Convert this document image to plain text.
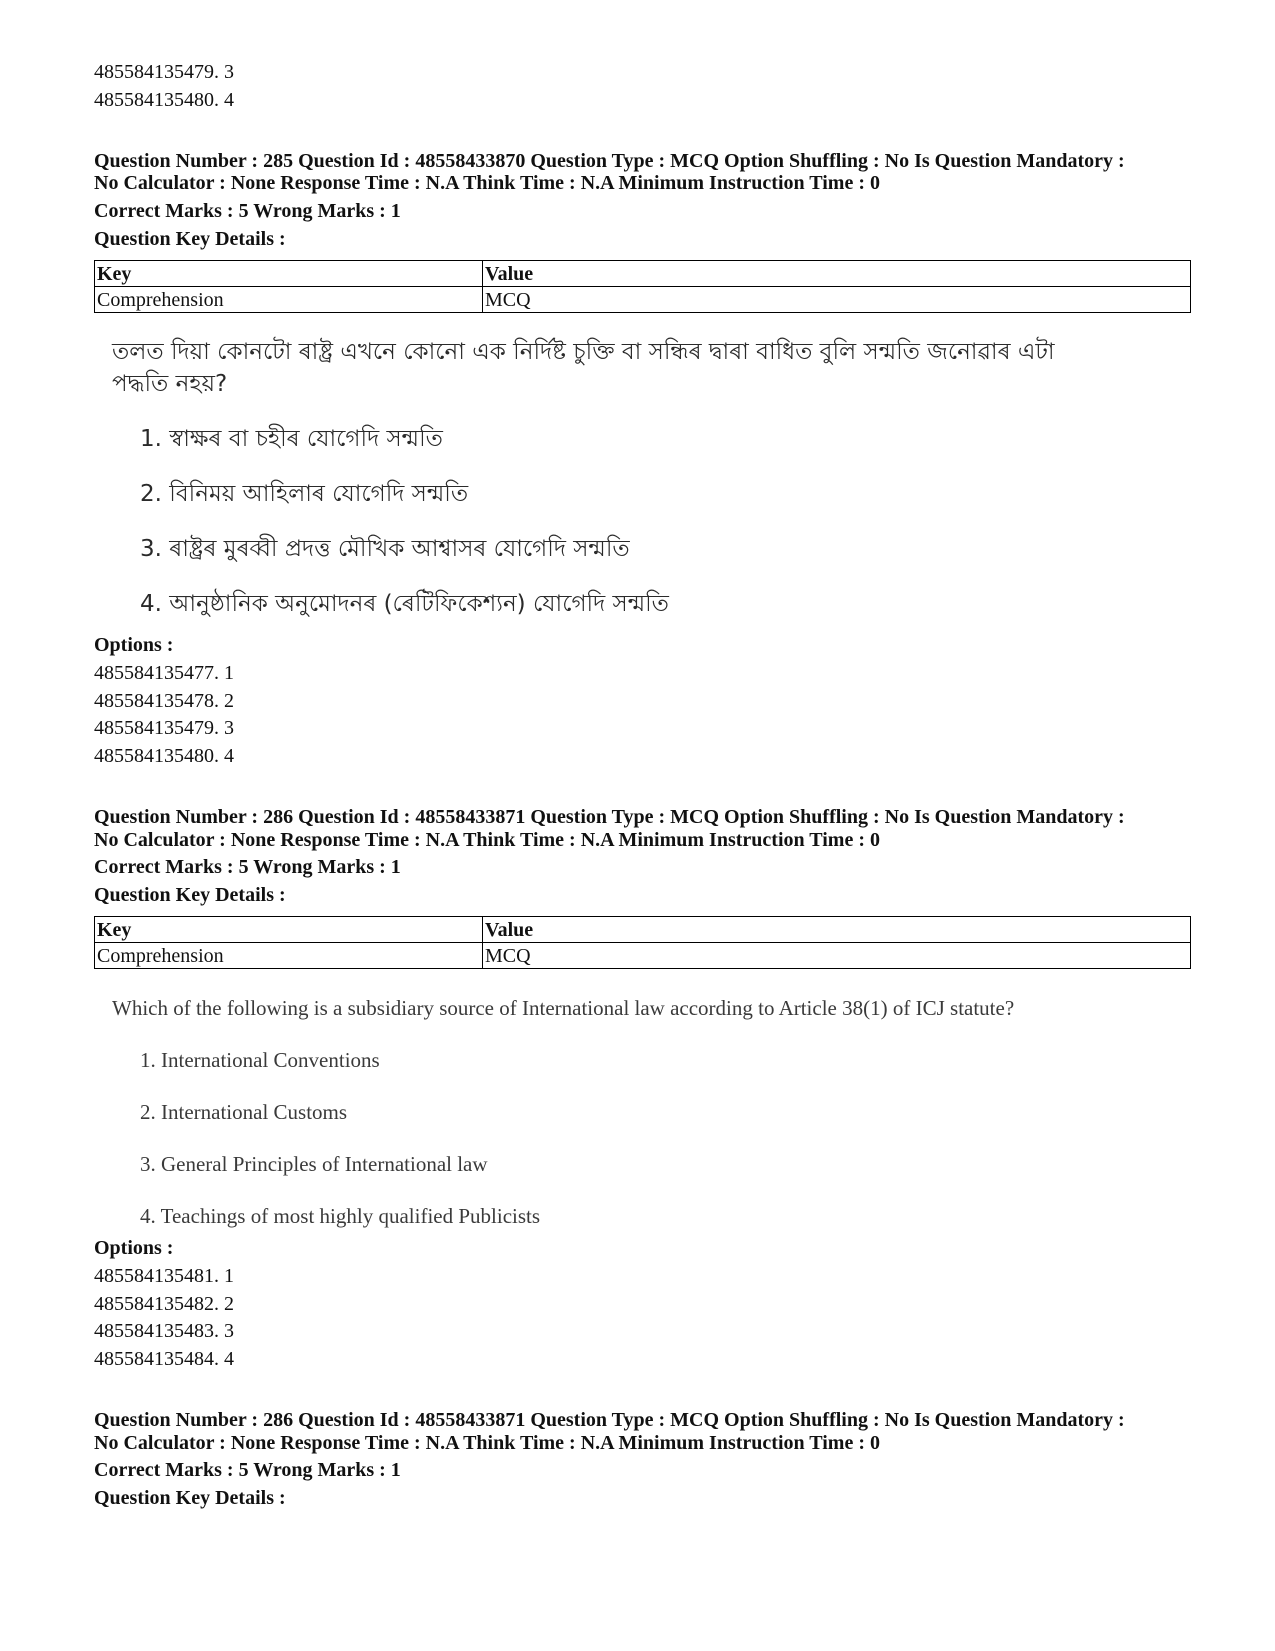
485584135479. 3
485584135480. 4
Question Number : 285 Question Id : 48558433870 Question Type : MCQ Option Shuffling : No Is Question Mandatory :
No Calculator : None Response Time : N.A Think Time : N.A Minimum Instruction Time : 0
Correct Marks : 5 Wrong Marks : 1
Question Key Details :
Key	Value
Comprehension	MCQ
তলত দিয়া কোনটো ৰাষ্ট্ৰ এখনে কোনো এক নিৰ্দিষ্ট চুক্তি বা সন্ধিৰ দ্বাৰা বাধিত বুলি সন্মতি জনোৱাৰ এটা
পদ্ধতি নহয়?
1. স্বাক্ষৰ বা চহীৰ যোগেদি সন্মতি
2. বিনিময় আহিলাৰ যোগেদি সন্মতি
3. ৰাষ্ট্ৰৰ মুৰব্বী প্ৰদত্ত মৌখিক আশ্বাসৰ যোগেদি সন্মতি
4. আনুষ্ঠানিক অনুমোদনৰ (ৰেটিফিকেশ্যন) যোগেদি সন্মতি
Options :
485584135477. 1
485584135478. 2
485584135479. 3
485584135480. 4
Question Number : 286 Question Id : 48558433871 Question Type : MCQ Option Shuffling : No Is Question Mandatory :
No Calculator : None Response Time : N.A Think Time : N.A Minimum Instruction Time : 0
Correct Marks : 5 Wrong Marks : 1
Question Key Details :
Key	Value
Comprehension	MCQ
Which of the following is a subsidiary source of International law according to Article 38(1) of ICJ statute?
1. International Conventions
2. International Customs
3. General Principles of International law
4. Teachings of most highly qualified Publicists
Options :
485584135481. 1
485584135482. 2
485584135483. 3
485584135484. 4
Question Number : 286 Question Id : 48558433871 Question Type : MCQ Option Shuffling : No Is Question Mandatory :
No Calculator : None Response Time : N.A Think Time : N.A Minimum Instruction Time : 0
Correct Marks : 5 Wrong Marks : 1
Question Key Details :
